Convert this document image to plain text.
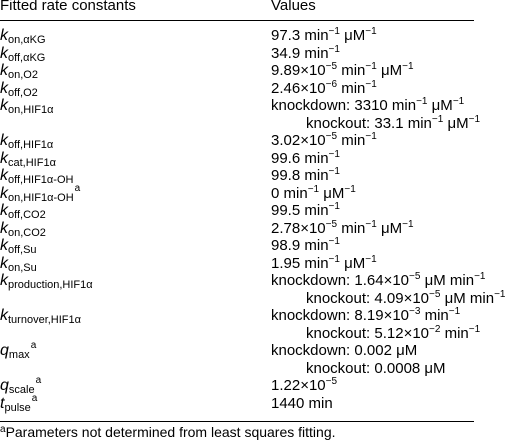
Fitted rate constants	Values
$k_{on,\alpha KG}$	97.3 $\min^{-1} \mu M^{-1}$
$k_{off,\alpha KG}$	34.9 $\min^{-1}$
$k_{on,O2}$	$9.89\times 10^{-5}$ $\min^{-1} \mu M^{-1}$
$k_{off,O2}$	$2.46\times 10^{-6}$ $\min^{-1}$
$k_{on,HIF1\alpha}$	knockdown: 3310 $\min^{-1} \mu M^{-1}$
knockout: 33.1 $\min^{-1} \mu M^{-1}$
$k_{off,HIF1\alpha}$	$3.02\times 10^{-5}$ $\min^{-1}$
$k_{cat,HIF1\alpha}$	99.6 $\min^{-1}$
$k_{off,HIF1\alpha-OH}$	99.8 $\min^{-1}$
$k_{on,HIF1\alpha-OH}^a$	0 $\min^{-1} \mu M^{-1}$
$k_{off,CO2}$	99.5 $\min^{-1}$
$k_{on,CO2}$	$2.78\times 10^{-5}$ $\min^{-1} \mu M^{-1}$
$k_{off,Su}$	98.9 $\min^{-1}$
$k_{on,Su}$	1.95 $\min^{-1} \mu M^{-1}$
$k_{production,HIF1\alpha}$	knockdown: $1.64\times 10^{-5}$ μM $\min^{-1}$
knockout: $4.09\times 10^{-5}$ μM $\min^{-1}$
$k_{turnover,HIF1\alpha}$	knockdown: $8.19\times 10^{-3}$ $\min^{-1}$
knockout: $5.12\times 10^{-2}$ $\min^{-1}$
$q_{max}^a$	knockdown: 0.002 μM
knockout: 0.0008 μM
$q_{scale}^a$	$1.22\times 10^{-5}$
$t_{pulse}^a$	1440 min
$^a$Parameters not determined from least squares fitting.
